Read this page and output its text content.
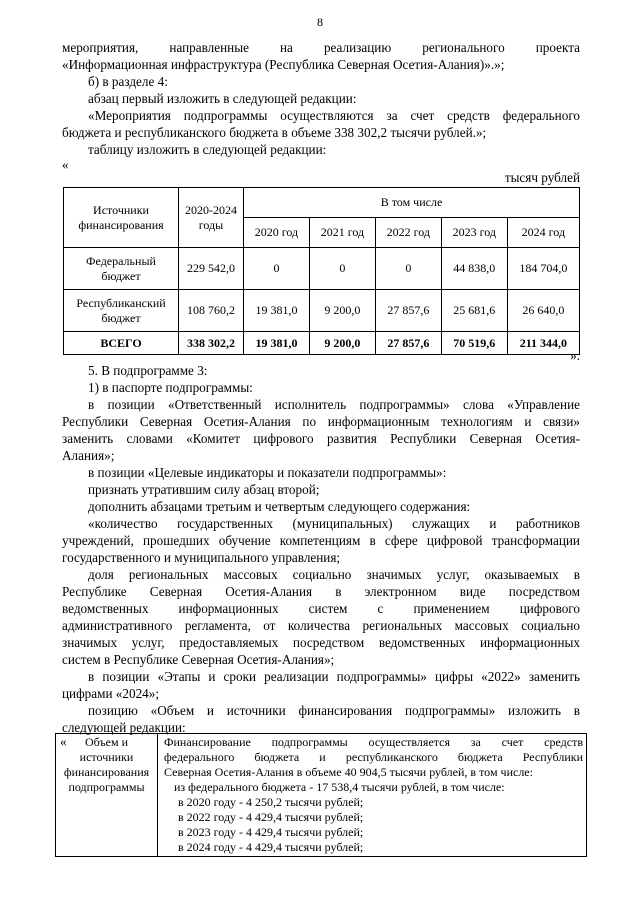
8
мероприятия, направленные на реализацию регионального проекта
«Информационная инфраструктура (Республика Северная Осетия-Алания)».»;
б) в разделе 4:
абзац первый изложить в следующей редакции:
«Мероприятия подпрограммы осуществляются за счет средств федерального
бюджета и республиканского бюджета в объеме 338 302,2 тысячи рублей.»;
таблицу изложить в следующей редакции:
«
тысяч рублей
Источники финансирования	2020-2024 годы	В том числе				
		2020 год	2021 год	2022 год	2023 год	2024 год
Федеральный бюджет	229 542,0	0	0	0	44 838,0	184 704,0
Республиканский бюджет	108 760,2	19 381,0	9 200,0	27 857,6	25 681,6	26 640,0
ВСЕГО	338 302,2	19 381,0	9 200,0	27 857,6	70 519,6	211 344,0
».
5. В подпрограмме 3:
1) в паспорте подпрограммы:
в позиции «Ответственный исполнитель подпрограммы» слова «Управление
Республики Северная Осетия-Алания по информационным технологиям и связи»
заменить словами «Комитет цифрового развития Республики Северная Осетия-
Алания»;
в позиции «Целевые индикаторы и показатели подпрограммы»:
признать утратившим силу абзац второй;
дополнить абзацами третьим и четвертым следующего содержания:
«количество государственных (муниципальных) служащих и работников
учреждений, прошедших обучение компетенциям в сфере цифровой трансформации
государственного и муниципального управления;
доля региональных массовых социально значимых услуг, оказываемых в
Республике Северная Осетия-Алания в электронном виде посредством
ведомственных информационных систем с применением цифрового
административного регламента, от количества региональных массовых социально
значимых услуг, предоставляемых посредством ведомственных информационных
систем в Республике Северная Осетия-Алания»;
в позиции «Этапы и сроки реализации подпрограммы» цифры «2022» заменить
цифрами «2024»;
позицию «Объем и источники финансирования подпрограммы» изложить в
следующей редакции:
«	Объем и источники финансирования подпрограммы	
Финансирование подпрограммы осуществляется за счет средств
федерального бюджета и республиканского бюджета Республики
Северная Осетия-Алания в объеме 40 904,5 тысячи рублей, в том числе:
из федерального бюджета - 17 538,4 тысячи рублей, в том числе:
в 2020 году - 4 250,2 тысячи рублей;
в 2022 году - 4 429,4 тысячи рублей;
в 2023 году - 4 429,4 тысячи рублей;
в 2024 году - 4 429,4 тысячи рублей;
